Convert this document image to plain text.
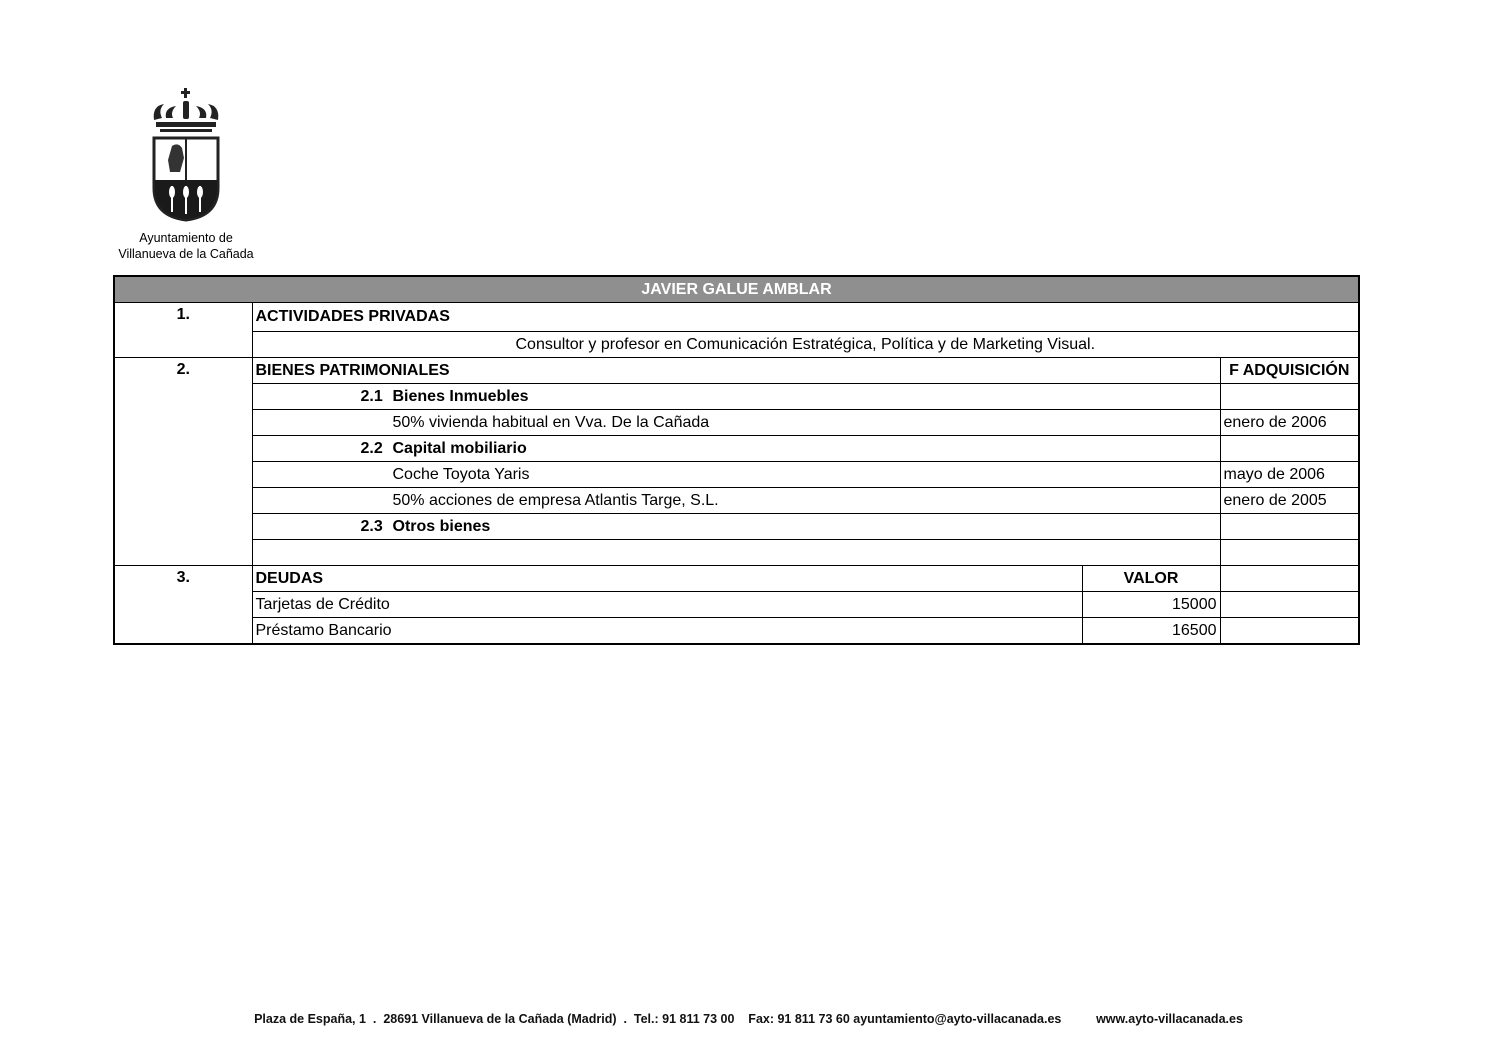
Ayuntamiento de
Villanueva de la Cañada
JAVIER GALUE AMBLAR			
1.	ACTIVIDADES PRIVADAS		
	Consultor y profesor en Comunicación Estratégica, Política y de Marketing Visual.		
2.	BIENES PATRIMONIALES		F ADQUISICIÓN
	2.1 Bienes Inmuebles		
	50% vivienda habitual en Vva. De la Cañada		enero de 2006
	2.2 Capital mobiliario		
	Coche Toyota Yaris		mayo de 2006
	50% acciones de empresa Atlantis Targe, S.L.		enero de 2005
	2.3 Otros bienes		

3.	DEUDAS	VALOR	
	Tarjetas de Crédito	15000	
	Préstamo Bancario	16500	
Plaza de España, 1  .  28691 Villanueva de la Cañada (Madrid)  .  Tel.: 91 811 73 00    Fax: 91 811 73 60 ayuntamiento@ayto-villacanada.es          www.ayto-villacanada.es
